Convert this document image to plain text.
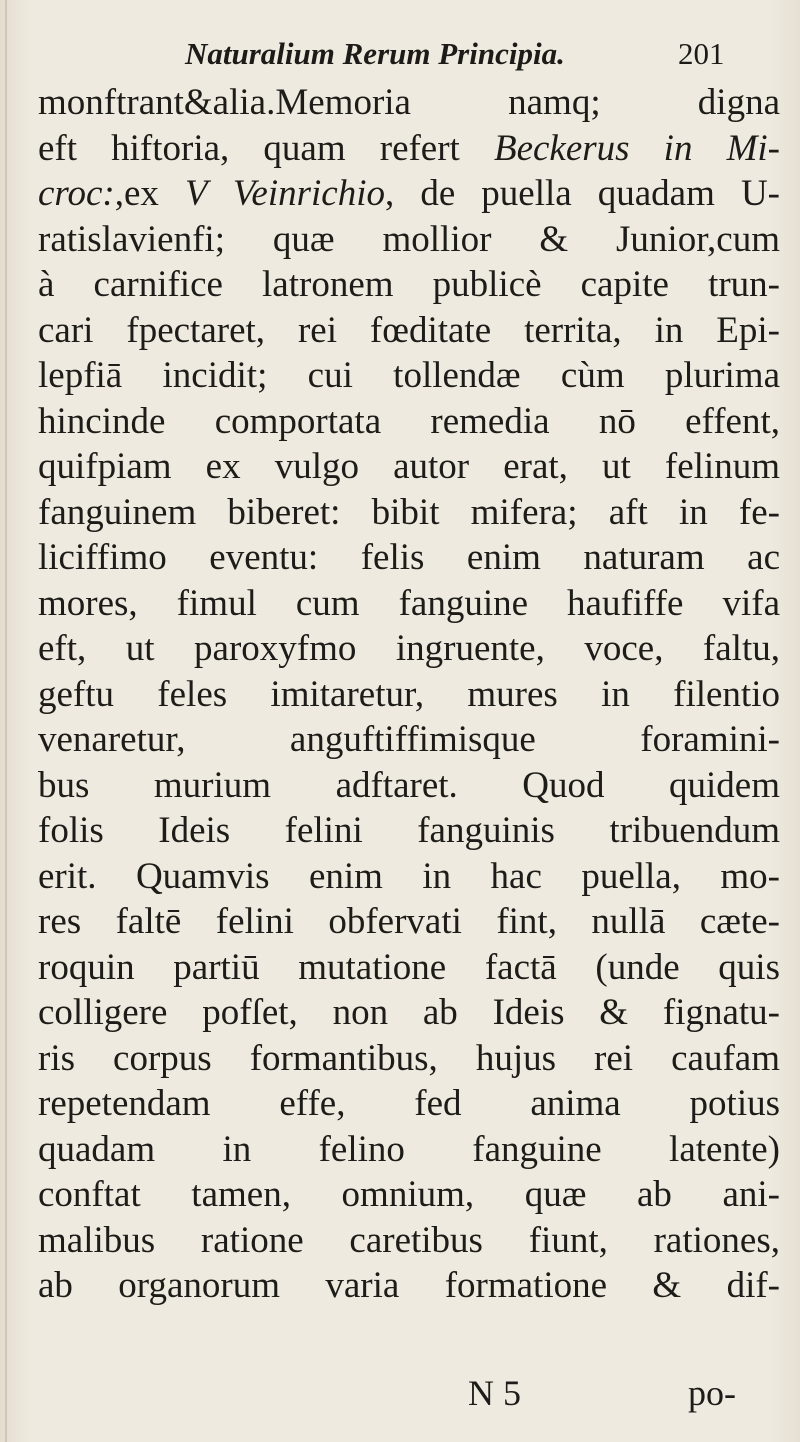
Naturalium Rerum Principia.	201
monftrant&alia.Memoria namq; digna
eft hiftoria, quam refert Beckerus in Mi-
croc:,ex V Veinrichio, de puella quadam U-
ratislavienfi; quæ mollior & Junior,cum
à carnifice latronem publicè capite trun-
cari fpectaret, rei fœditate territa, in Epi-
lepfiā incidit; cui tollendæ cùm plurima
hincinde comportata remedia nō effent,
quifpiam ex vulgo autor erat, ut felinum
fanguinem biberet: bibit mifera; aft in fe-
liciffimo eventu: felis enim naturam ac
mores, fimul cum fanguine haufiffe vifa
eft, ut paroxyfmo ingruente, voce, faltu,
geftu feles imitaretur, mures in filentio
venaretur, anguftiffimisque foramini-
bus murium adftaret. Quod quidem
folis Ideis felini fanguinis tribuendum
erit. Quamvis enim in hac puella, mo-
res faltē felini obfervati fint, nullā cæte-
roquin partiū mutatione factā (unde quis
colligere pofſet, non ab Ideis & fignatu-
ris corpus formantibus, hujus rei caufam
repetendam effe, fed anima potius
quadam in felino fanguine latente)
conftat tamen, omnium, quæ ab ani-
malibus ratione caretibus fiunt, rationes,
ab organorum varia formatione & dif-
N 5	po-
